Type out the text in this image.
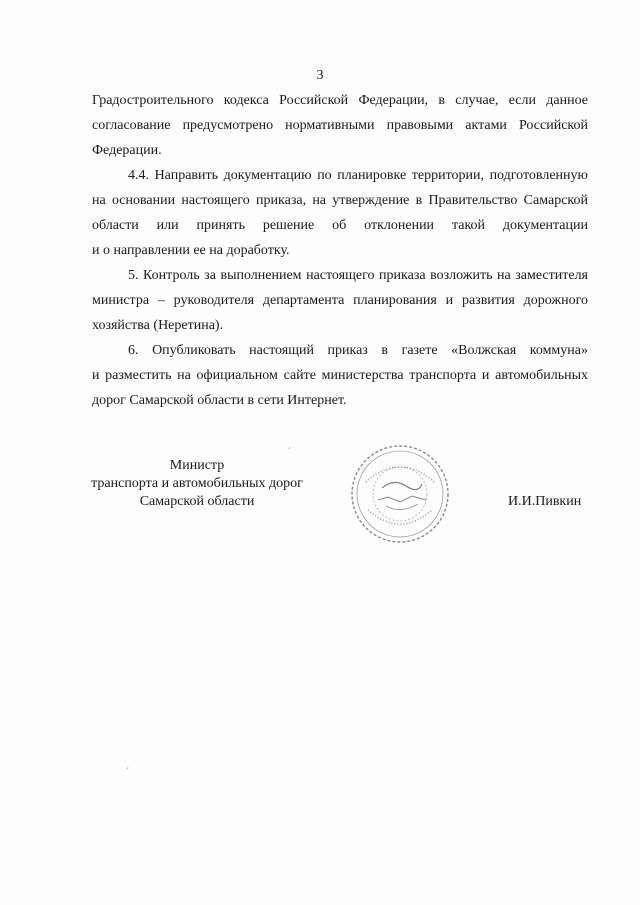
3

Градостроительного кодекса Российской Федерации, в случае, если данное
согласование предусмотрено нормативными правовыми актами Российской
Федерации.

4.4. Направить документацию по планировке территории, подготовленную
на основании настоящего приказа, на утверждение в Правительство Самарской
области или принять решение об отклонении такой документации
и о направлении ее на доработку.

5. Контроль за выполнением настоящего приказа возложить на заместителя
министра – руководителя департамента планирования и развития дорожного
хозяйства (Неретина).

6. Опубликовать настоящий приказ в газете «Волжская коммуна»
и разместить на официальном сайте министерства транспорта и автомобильных
дорог Самарской области в сети Интернет.

Министр
транспорта и автомобильных дорог
Самарской области	И.И.Пивкин
´
´
